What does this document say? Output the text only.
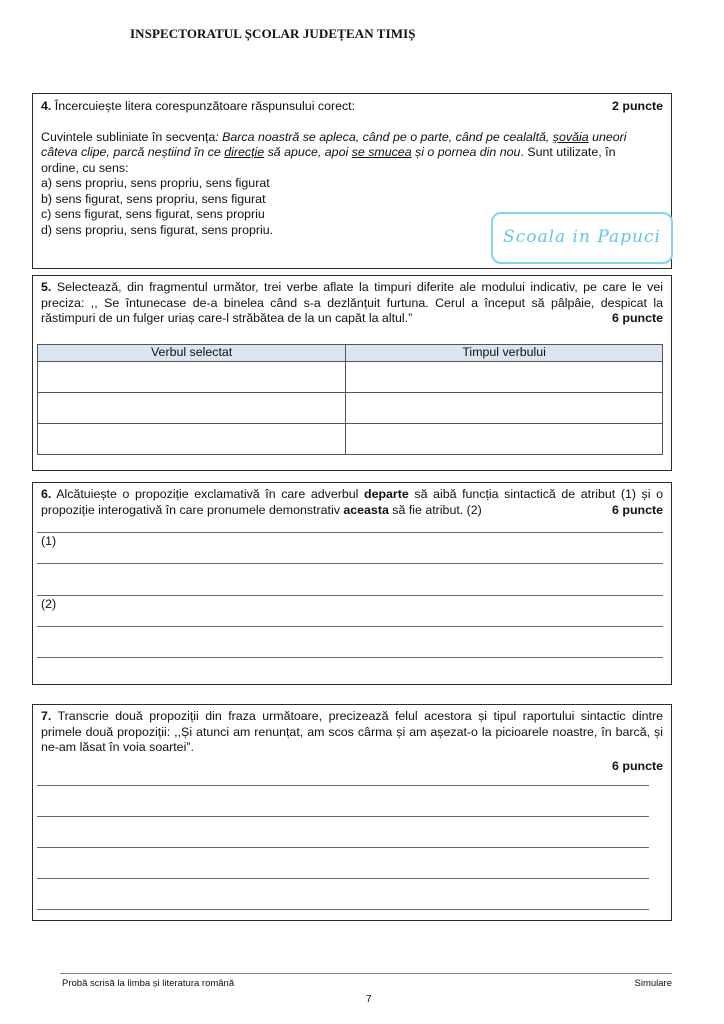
INSPECTORATUL ȘCOLAR JUDEȚEAN TIMIȘ
2 puncte
4. Încercuiește litera corespunzătoare răspunsului corect:
Cuvintele subliniate în secvența: Barca noastră se apleca, când pe o parte, când pe cealaltă, șovăia uneori câteva clipe, parcă neștiind în ce direcție să apuce, apoi se smucea și o pornea din nou. Sunt utilizate, în ordine, cu sens:
a) sens propriu, sens propriu, sens figurat
b) sens figurat, sens propriu, sens figurat
c) sens figurat, sens figurat, sens propriu
d) sens propriu, sens figurat, sens propriu.	Scoala in Papuci
5. Selectează, din fragmentul următor, trei verbe aflate la timpuri diferite ale modului indicativ, pe care le vei preciza: ,, Se întunecase de-a binelea când s-a dezlănțuit furtuna. Cerul a început să pâlpâie, despicat la răstimpuri de un fulger uriaș care-l străbătea de la un capăt la altul.”	6 puncte
Verbul selectat	Timpul verbului

6. Alcătuiește o propoziție exclamativă în care adverbul departe să aibă funcția sintactică de atribut (1) și o propoziție interogativă în care pronumele demonstrativ aceasta să fie atribut. (2)	6 puncte
(1)
(2)
7. Transcrie două propoziții din fraza următoare, precizează felul acestora și tipul raportului sintactic dintre primele două propoziții: ,,Și atunci am renunțat, am scos cârma și am așezat-o la picioarele noastre, în barcă, și ne-am lăsat în voia soartei”.
6 puncte
Probă scrisă la limba și literatura română	Simulare
7
